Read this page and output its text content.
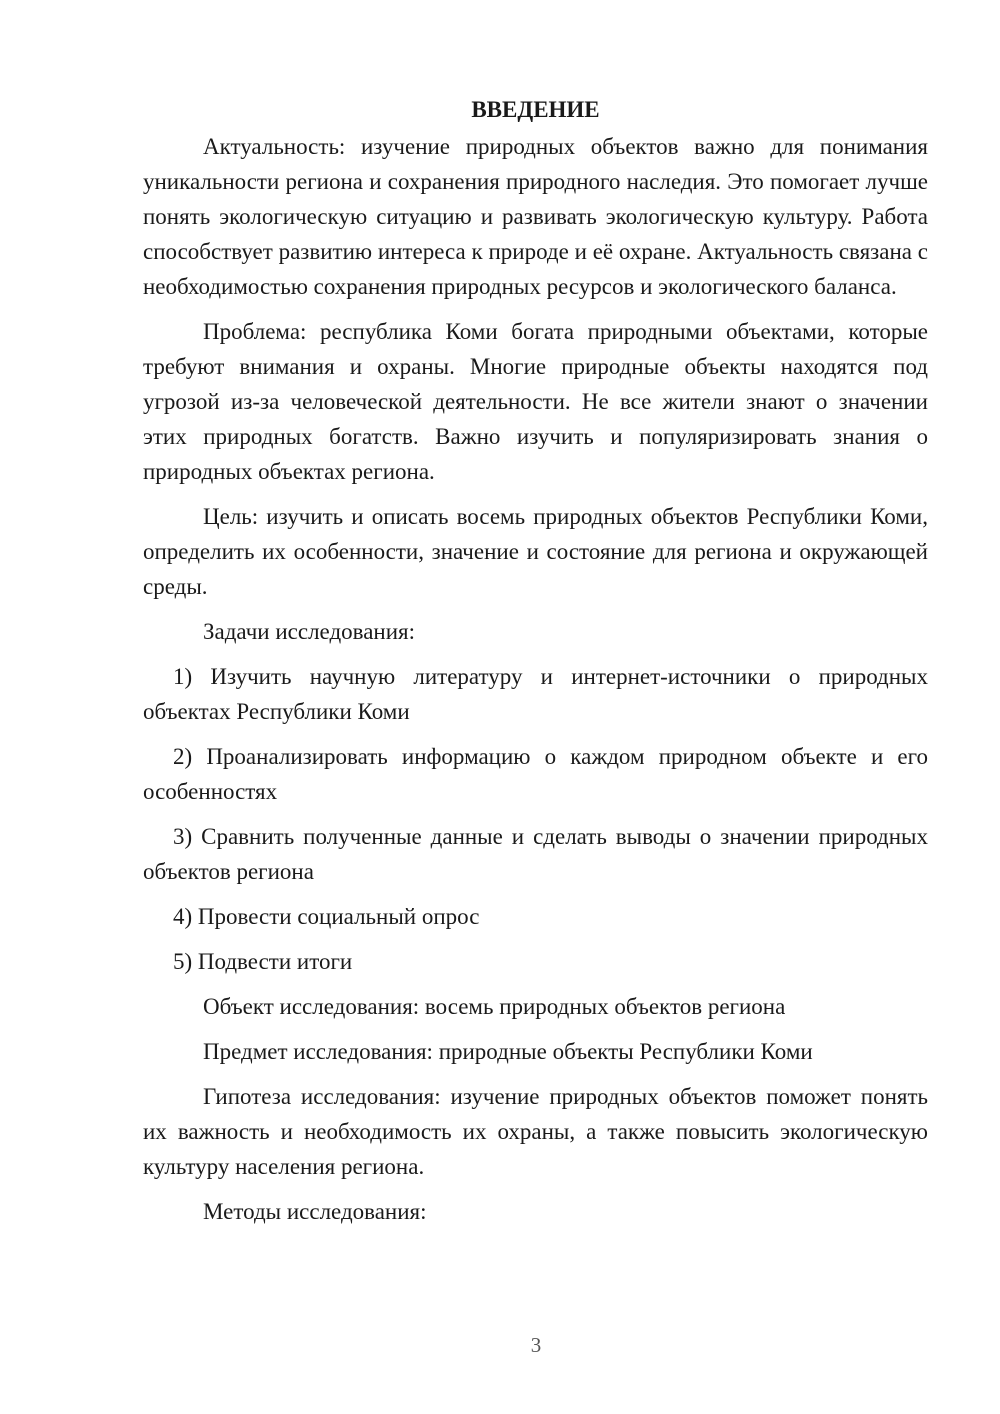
ВВЕДЕНИЕ

Актуальность: изучение природных объектов важно для понимания уникальности региона и сохранения природного наследия. Это помогает лучше понять экологическую ситуацию и развивать экологическую культуру. Работа способствует развитию интереса к природе и её охране. Актуальность связана с необходимостью сохранения природных ресурсов и экологического баланса.

Проблема: республика Коми богата природными объектами, которые требуют внимания и охраны. Многие природные объекты находятся под угрозой из-за человеческой деятельности. Не все жители знают о значении этих природных богатств. Важно изучить и популяризировать знания о природных объектах региона.

Цель: изучить и описать восемь природных объектов Республики Коми, определить их особенности, значение и состояние для региона и окружающей среды.

Задачи исследования:

1) Изучить научную литературу и интернет-источники о природных объектах Республики Коми

2) Проанализировать информацию о каждом природном объекте и его особенностях

3) Сравнить полученные данные и сделать выводы о значении природных объектов региона

4) Провести социальный опрос

5) Подвести итоги

Объект исследования: восемь природных объектов региона

Предмет исследования: природные объекты Республики Коми

Гипотеза исследования: изучение природных объектов поможет понять их важность и необходимость их охраны, а также повысить экологическую культуру населения региона.

Методы исследования:

3
